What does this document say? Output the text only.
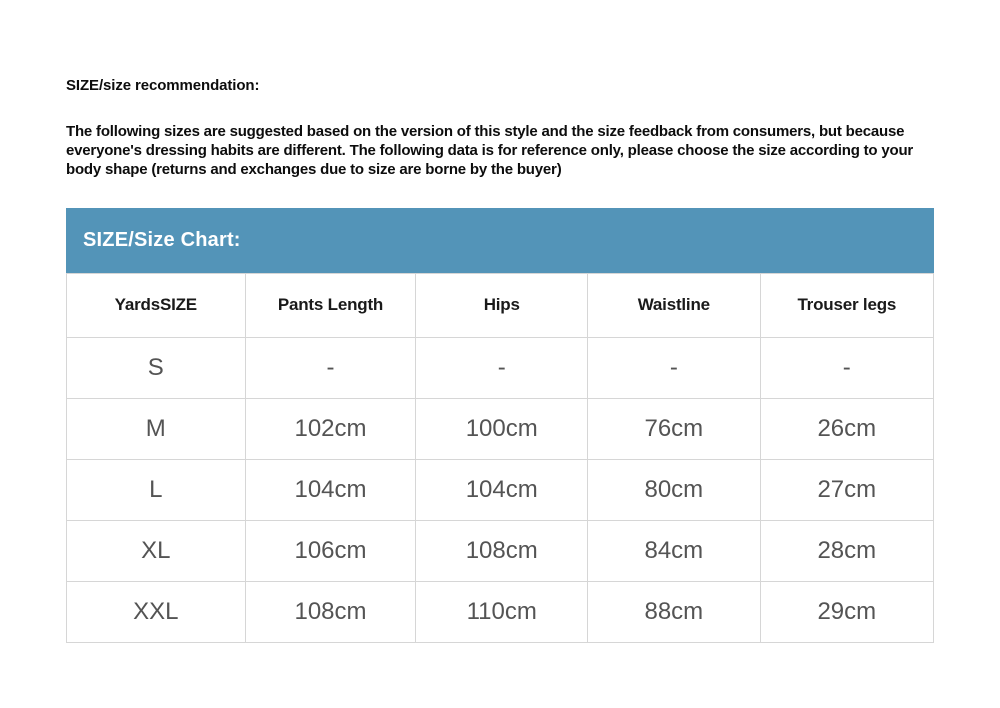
SIZE/size recommendation:

The following sizes are suggested based on the version of this style and the size feedback from consumers, but because everyone's dressing habits are different. The following data is for reference only, please choose the size according to your body shape (returns and exchanges due to size are borne by the buyer)

SIZE/Size Chart:
YardsSIZE	Pants Length	Hips	Waistline	Trouser legs
S	-	-	-	-
M	102cm	100cm	76cm	26cm
L	104cm	104cm	80cm	27cm
XL	106cm	108cm	84cm	28cm
XXL	108cm	110cm	88cm	29cm
